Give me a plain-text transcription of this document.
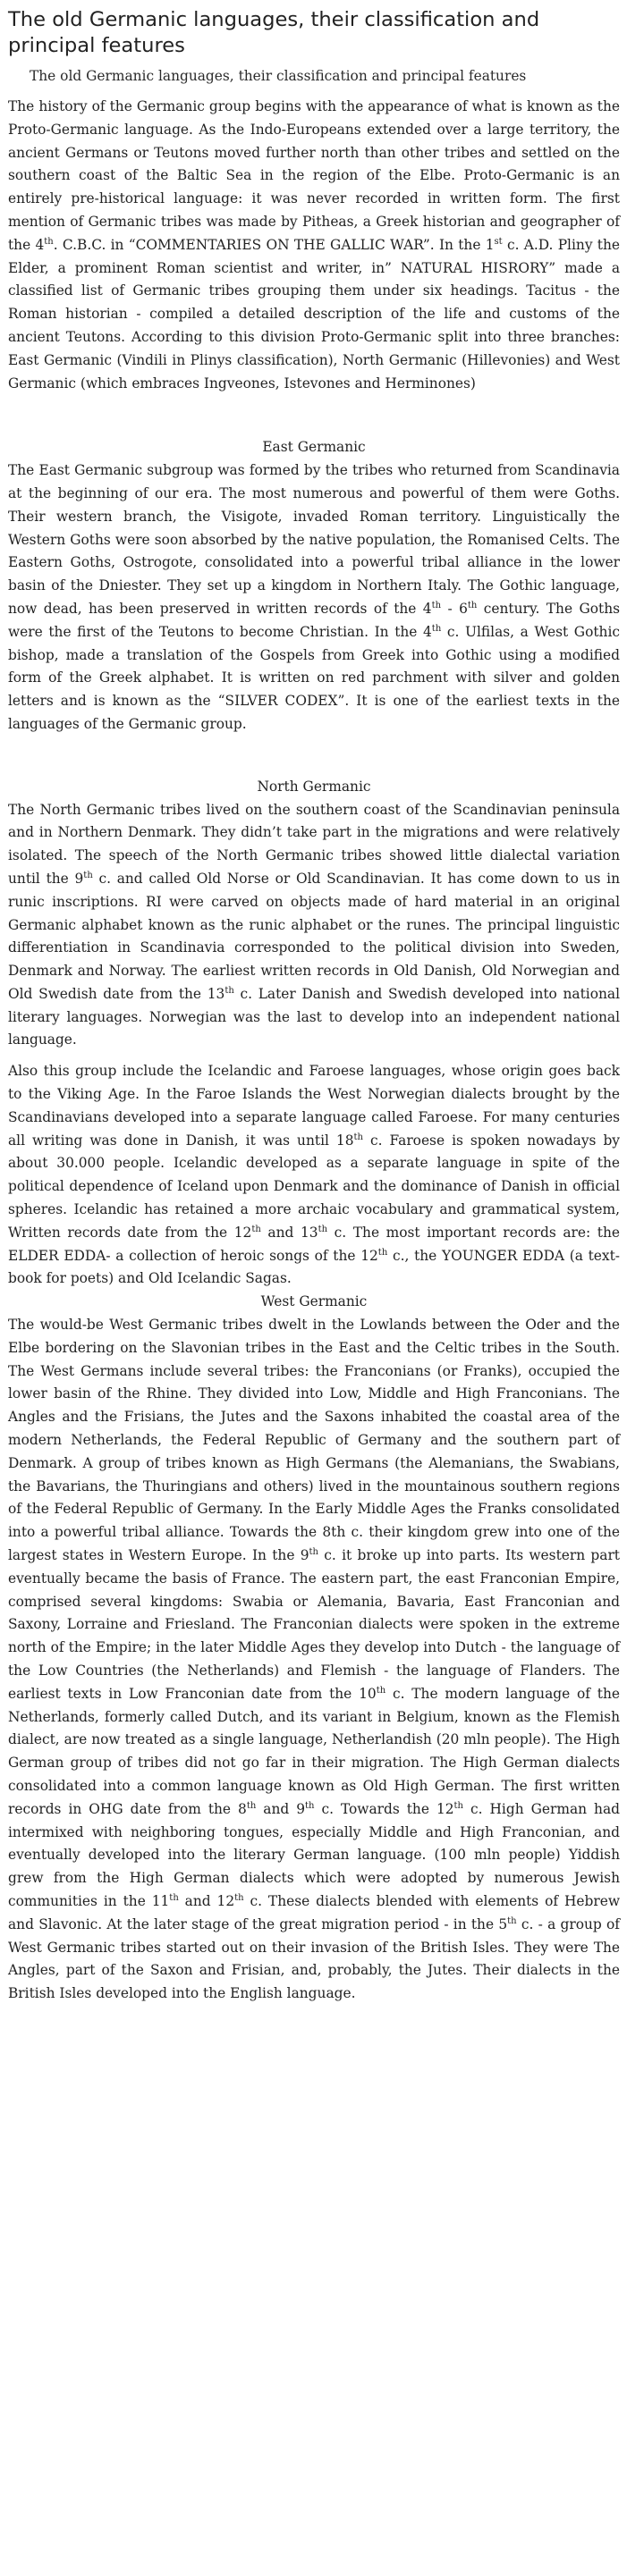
The old Germanic languages, their classification and principal features

The old Germanic languages, their classification and principal features

The history of the Germanic group begins with the appearance of what is known as the Proto-Germanic language. As the Indo-Europeans extended over a large territory, the ancient Germans or Teutons moved further north than other tribes and settled on the southern coast of the Baltic Sea in the region of the Elbe. Proto-Germanic is an entirely pre-historical language: it was never recorded in written form. The first mention of Germanic tribes was made by Pitheas, a Greek historian and geographer of the 4th. C.B.C. in “COMMENTARIES ON THE GALLIC WAR”. In the 1st c. A.D. Pliny the Elder, a prominent Roman scientist and writer, in” NATURAL HISRORY” made a classified list of Germanic tribes grouping them under six headings. Tacitus - the Roman historian - compiled a detailed description of the life and customs of the ancient Teutons. According to this division Proto-Germanic split into three branches: East Germanic (Vindili in Plinys classification), North Germanic (Hillevonies) and West Germanic (which embraces Ingveones, Istevones and Herminones)

East Germanic

The East Germanic subgroup was formed by the tribes who returned from Scandinavia at the beginning of our era. The most numerous and powerful of them were Goths. Their western branch, the Visigote, invaded Roman territory. Linguistically the Western Goths were soon absorbed by the native population, the Romanised Celts. The Eastern Goths, Ostrogote, consolidated into a powerful tribal alliance in the lower basin of the Dniester. They set up a kingdom in Northern Italy. The Gothic language, now dead, has been preserved in written records of the 4th - 6th century. The Goths were the first of the Teutons to become Christian. In the 4th c. Ulfilas, a West Gothic bishop, made a translation of the Gospels from Greek into Gothic using a modified form of the Greek alphabet. It is written on red parchment with silver and golden letters and is known as the “SILVER CODEX”. It is one of the earliest texts in the languages of the Germanic group.

North Germanic

The North Germanic tribes lived on the southern coast of the Scandinavian peninsula and in Northern Denmark. They didn’t take part in the migrations and were relatively isolated. The speech of the North Germanic tribes showed little dialectal variation until the 9th c. and called Old Norse or Old Scandinavian. It has come down to us in runic inscriptions. RI were carved on objects made of hard material in an original Germanic alphabet known as the runic alphabet or the runes. The principal linguistic differentiation in Scandinavia corresponded to the political division into Sweden, Denmark and Norway. The earliest written records in Old Danish, Old Norwegian and Old Swedish date from the 13th c. Later Danish and Swedish developed into national literary languages. Norwegian was the last to develop into an independent national language.

Also this group include the Icelandic and Faroese languages, whose origin goes back to the Viking Age. In the Faroe Islands the West Norwegian dialects brought by the Scandinavians developed into a separate language called Faroese. For many centuries all writing was done in Danish, it was until 18th c. Faroese is spoken nowadays by about 30.000 people. Icelandic developed as a separate language in spite of the political dependence of Iceland upon Denmark and the dominance of Danish in official spheres. Icelandic has retained a more archaic vocabulary and grammatical system, Written records date from the 12th and 13th c. The most important records are: the ELDER EDDA- a collection of heroic songs of the 12th c., the YOUNGER EDDA (a text-book for poets) and Old Icelandic Sagas.

West Germanic

The would-be West Germanic tribes dwelt in the Lowlands between the Oder and the Elbe bordering on the Slavonian tribes in the East and the Celtic tribes in the South. The West Germans include several tribes: the Franconians (or Franks), occupied the lower basin of the Rhine. They divided into Low, Middle and High Franconians. The Angles and the Frisians, the Jutes and the Saxons inhabited the coastal area of the modern Netherlands, the Federal Republic of Germany and the southern part of Denmark. A group of tribes known as High Germans (the Alemanians, the Swabians, the Bavarians, the Thuringians and others) lived in the mountainous southern regions of the Federal Republic of Germany. In the Early Middle Ages the Franks consolidated into a powerful tribal alliance. Towards the 8th c. their kingdom grew into one of the largest states in Western Europe. In the 9th c. it broke up into parts. Its western part eventually became the basis of France. The eastern part, the east Franconian Empire, comprised several kingdoms: Swabia or Alemania, Bavaria, East Franconian and Saxony, Lorraine and Friesland. The Franconian dialects were spoken in the extreme north of the Empire; in the later Middle Ages they develop into Dutch - the language of the Low Countries (the Netherlands) and Flemish - the language of Flanders. The earliest texts in Low Franconian date from the 10th c. The modern language of the Netherlands, formerly called Dutch, and its variant in Belgium, known as the Flemish dialect, are now treated as a single language, Netherlandish (20 mln people). The High German group of tribes did not go far in their migration. The High German dialects consolidated into a common language known as Old High German. The first written records in OHG date from the 8th and 9th c. Towards the 12th c. High German had intermixed with neighboring tongues, especially Middle and High Franconian, and eventually developed into the literary German language. (100 mln people) Yiddish grew from the High German dialects which were adopted by numerous Jewish communities in the 11th and 12th c. These dialects blended with elements of Hebrew and Slavonic. At the later stage of the great migration period - in the 5th c. - a group of West Germanic tribes started out on their invasion of the British Isles. They were The Angles, part of the Saxon and Frisian, and, probably, the Jutes. Their dialects in the British Isles developed into the English language.
